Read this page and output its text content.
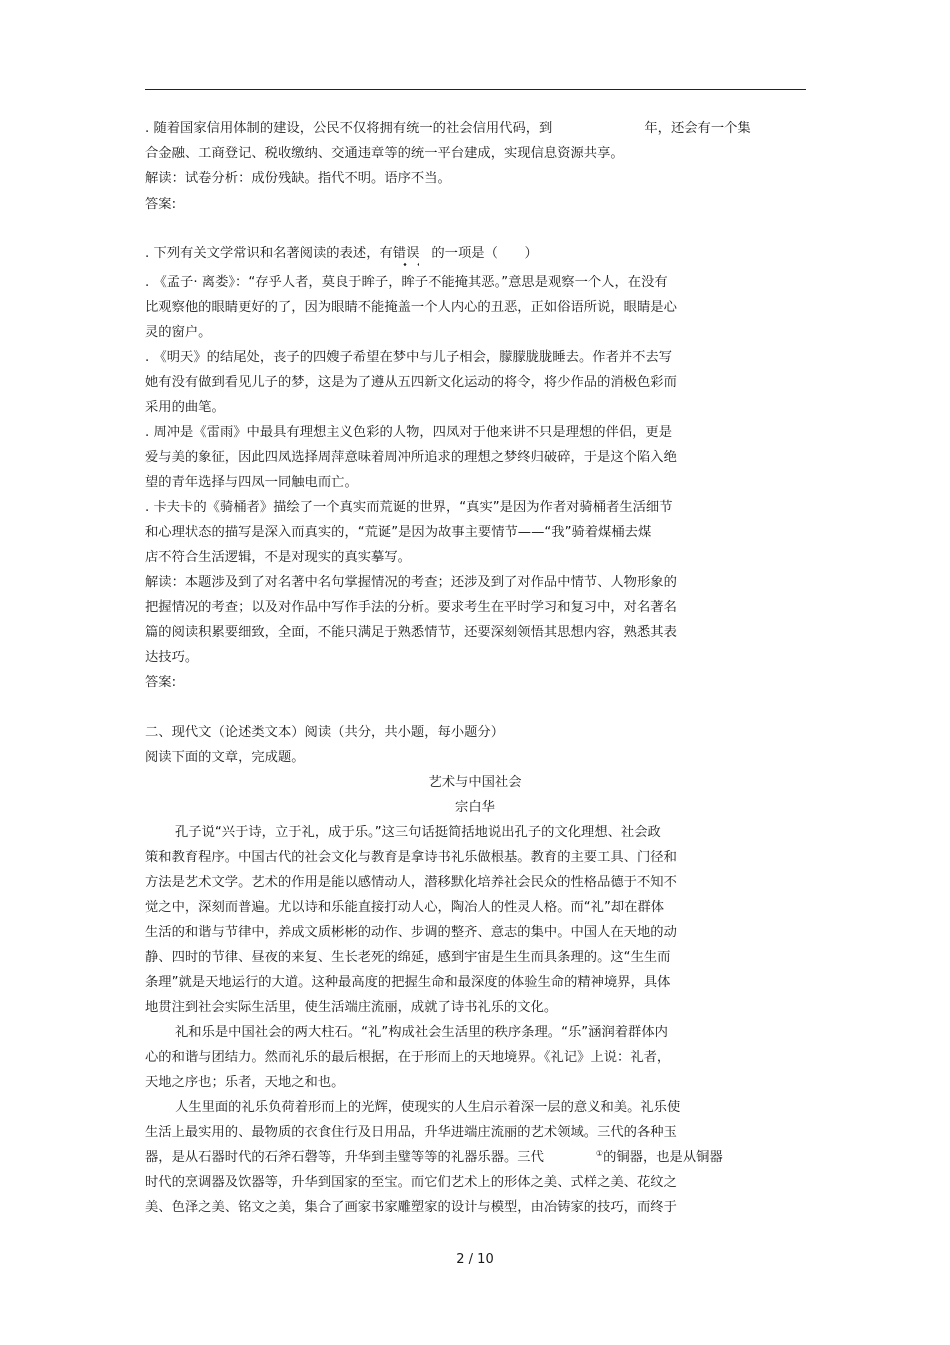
. 随着国家信用体制的建设，公民不仅将拥有统一的社会信用代码，到	年，还会有一个集
合金融、工商登记、税收缴纳、交通违章等的统一平台建成，实现信息资源共享。
解读：试卷分析：成份残缺。指代不明。语序不当。
答案:
. 下列有关文学常识和名著阅读的表述，有错误 的一项是（　　）
. 《孟子· 离娄》：“存乎人者，莫良于眸子，眸子不能掩其恶。”意思是观察一个人，在没有
比观察他的眼睛更好的了，因为眼睛不能掩盖一个人内心的丑恶，正如俗语所说，眼睛是心
灵的窗户。
. 《明天》的结尾处，丧子的四嫂子希望在梦中与儿子相会，朦朦胧胧睡去。作者并不去写
她有没有做到看见儿子的梦，这是为了遵从五四新文化运动的将令，将少作品的消极色彩而
采用的曲笔。
. 周冲是《雷雨》中最具有理想主义色彩的人物，四凤对于他来讲不只是理想的伴侣，更是
爱与美的象征，因此四凤选择周萍意味着周冲所追求的理想之梦终归破碎，于是这个陷入绝
望的青年选择与四凤一同触电而亡。
. 卡夫卡的《骑桶者》描绘了一个真实而荒诞的世界，“真实”是因为作者对骑桶者生活细节
和心理状态的描写是深入而真实的，“荒诞”是因为故事主要情节——“我”骑着煤桶去煤
店不符合生活逻辑，不是对现实的真实摹写。
解读：本题涉及到了对名著中名句掌握情况的考查；还涉及到了对作品中情节、人物形象的
把握情况的考查；以及对作品中写作手法的分析。要求考生在平时学习和复习中，对名著名
篇的阅读积累要细致，全面，不能只满足于熟悉情节，还要深刻领悟其思想内容，熟悉其表
达技巧。
答案:
二、现代文（论述类文本）阅读（共分，共小题，每小题分）
阅读下面的文章，完成题。
艺术与中国社会
宗白华
孔子说“兴于诗，立于礼，成于乐。”这三句话挺简括地说出孔子的文化理想、社会政
策和教育程序。中国古代的社会文化与教育是拿诗书礼乐做根基。教育的主要工具、门径和
方法是艺术文学。艺术的作用是能以感情动人，潜移默化培养社会民众的性格品德于不知不
觉之中，深刻而普遍。尤以诗和乐能直接打动人心，陶冶人的性灵人格。而“礼”却在群体
生活的和谐与节律中，养成文质彬彬的动作、步调的整齐、意志的集中。中国人在天地的动
静、四时的节律、昼夜的来复、生长老死的绵延，感到宇宙是生生而具条理的。这“生生而
条理”就是天地运行的大道。这种最高度的把握生命和最深度的体验生命的精神境界，具体
地贯注到社会实际生活里，使生活端庄流丽，成就了诗书礼乐的文化。
礼和乐是中国社会的两大柱石。“礼”构成社会生活里的秩序条理。“乐”涵润着群体内
心的和谐与团结力。然而礼乐的最后根据，在于形而上的天地境界。《礼记》上说：礼者，
天地之序也；乐者，天地之和也。
人生里面的礼乐负荷着形而上的光辉，使现实的人生启示着深一层的意义和美。礼乐使
生活上最实用的、最物质的衣食住行及日用品，升华进端庄流丽的艺术领域。三代的各种玉
器，是从石器时代的石斧石磬等，升华到圭璧等等的礼器乐器。三代	①的铜器，也是从铜器
时代的烹调器及饮器等，升华到国家的至宝。而它们艺术上的形体之美、式样之美、花纹之
美、色泽之美、铭文之美，集合了画家书家雕塑家的设计与模型，由冶铸家的技巧，而终于
2 / 10
